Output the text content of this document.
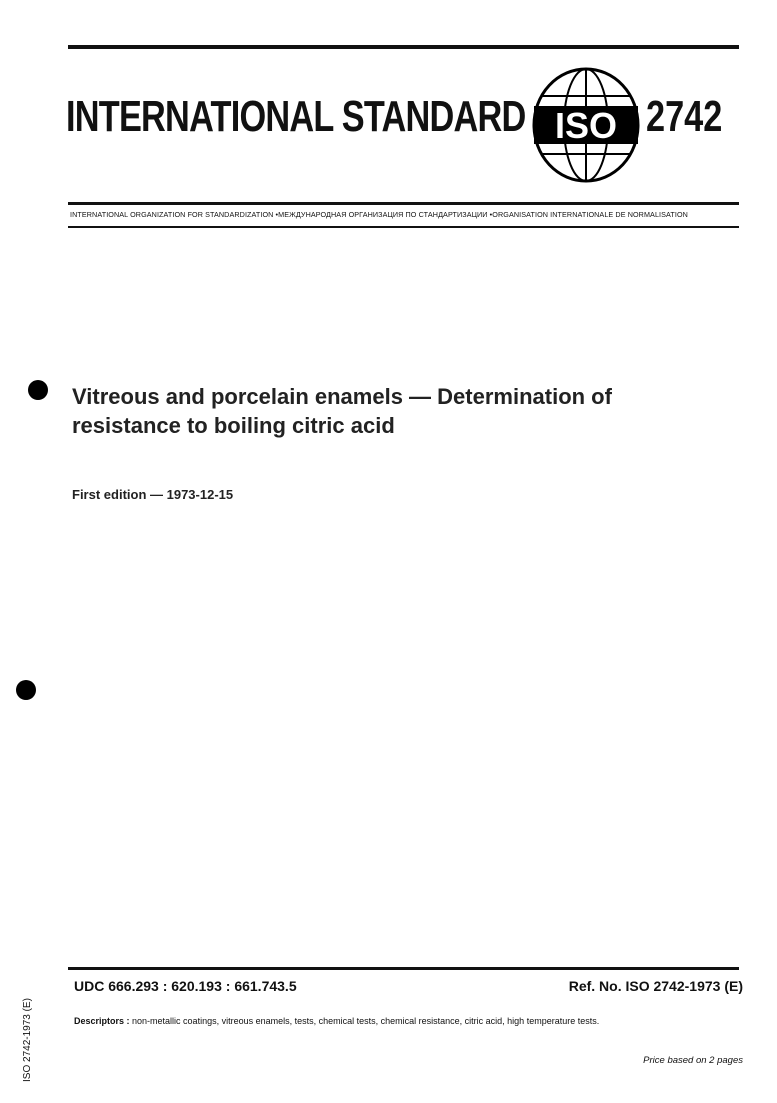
INTERNATIONAL STANDARD ISO 2742
INTERNATIONAL ORGANIZATION FOR STANDARDIZATION •МЕЖДУНАРОДНАЯ ОРГАНИЗАЦИЯ ПО СТАНДАРТИЗАЦИИ •ORGANISATION INTERNATIONALE DE NORMALISATION
Vitreous and porcelain enamels — Determination of
resistance to boiling citric acid
First edition — 1973-12-15
UDC 666.293 : 620.193 : 661.743.5	Ref. No. ISO 2742-1973 (E)
Descriptors : non-metallic coatings, vitreous enamels, tests, chemical tests, chemical resistance, citric acid, high temperature tests.
Price based on 2 pages
ISO 2742-1973 (E)
